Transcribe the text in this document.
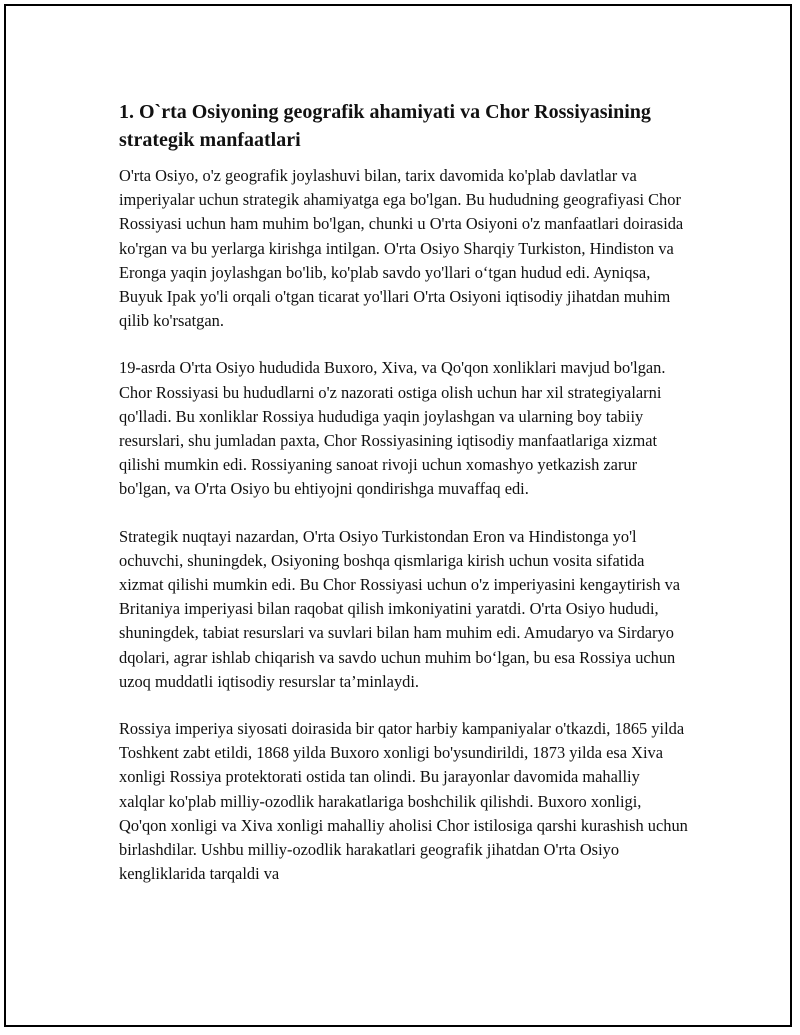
1. O`rta Osiyoning geografik ahamiyati va Chor Rossiyasining strategik manfaatlari

O'rta Osiyo, o'z geografik joylashuvi bilan, tarix davomida ko'plab davlatlar va imperiyalar uchun strategik ahamiyatga ega bo'lgan. Bu hududning geografiyasi Chor Rossiyasi uchun ham muhim bo'lgan, chunki u O'rta Osiyoni o'z manfaatlari doirasida ko'rgan va bu yerlarga kirishga intilgan. O'rta Osiyo Sharqiy Turkiston, Hindiston va Eronga yaqin joylashgan bo'lib, ko'plab savdo yo'llari o‘tgan hudud edi. Ayniqsa, Buyuk Ipak yo'li orqali o'tgan ticarat yo'llari O'rta Osiyoni iqtisodiy jihatdan muhim qilib ko'rsatgan.

19-asrda O'rta Osiyo hududida Buxoro, Xiva, va Qo'qon xonliklari mavjud bo'lgan. Chor Rossiyasi bu hududlarni o'z nazorati ostiga olish uchun har xil strategiyalarni qo'lladi. Bu xonliklar Rossiya hududiga yaqin joylashgan va ularning boy tabiiy resurslari, shu jumladan paxta, Chor Rossiyasining iqtisodiy manfaatlariga xizmat qilishi mumkin edi. Rossiyaning sanoat rivoji uchun xomashyo yetkazish zarur bo'lgan, va O'rta Osiyo bu ehtiyojni qondirishga muvaffaq edi.

Strategik nuqtayi nazardan, O'rta Osiyo Turkistondan Eron va Hindistonga yo'l ochuvchi, shuningdek, Osiyoning boshqa qismlariga kirish uchun vosita sifatida xizmat qilishi mumkin edi. Bu Chor Rossiyasi uchun o'z imperiyasini kengaytirish va Britaniya imperiyasi bilan raqobat qilish imkoniyatini yaratdi. O'rta Osiyo hududi, shuningdek, tabiat resurslari va suvlari bilan ham muhim edi. Amudaryo va Sirdaryo dqolari, agrar ishlab chiqarish va savdo uchun muhim bo‘lgan, bu esa Rossiya uchun uzoq muddatli iqtisodiy resurslar ta’minlaydi.

Rossiya imperiya siyosati doirasida bir qator harbiy kampaniyalar o'tkazdi, 1865 yilda Toshkent zabt etildi, 1868 yilda Buxoro xonligi bo'ysundirildi, 1873 yilda esa Xiva xonligi Rossiya protektorati ostida tan olindi. Bu jarayonlar davomida mahalliy xalqlar ko'plab milliy-ozodlik harakatlariga boshchilik qilishdi. Buxoro xonligi, Qo'qon xonligi va Xiva xonligi mahalliy aholisi Chor istilosiga qarshi kurashish uchun birlashdilar. Ushbu milliy-ozodlik harakatlari geografik jihatdan O'rta Osiyo kengliklarida tarqaldi va
